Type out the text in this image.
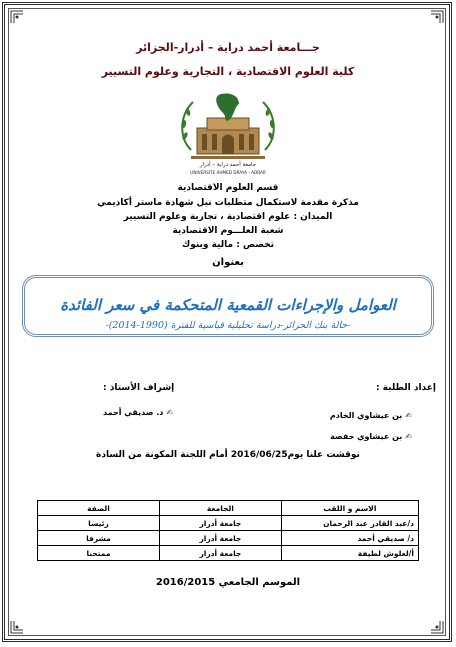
جـــامعة أحمد دراية – أدرار-الجزائر
كلية العلوم الاقتصادية ، التجارية وعلوم التسيير
جامعة أحمد دراية – أدرار
UNIVERSITE AHMED DRAYA - ADRAR
قسم العلوم الاقتصادية
مذكرة مقدمة لاستكمال متطلبات نيل شهادة ماستر أكاديمي
الميدان : علوم اقتصادية ، تجارية وعلوم التسيير
شعبة العلـــوم الاقتصادية
تخصص : مالية وبنوك
بعنوان
العوامل والإجراءات القمعية المتحكمة في سعر الفائدة
-حالة بنك الجزائر-دراسة تحليلية قياسية للفترة (1990-2014)-
إعداد الطلبة :
✍بن عيشاوي الخادم
✍بن عيشاوي حفصة
إشراف الأستاذ :
✍د. صديقي أحمد
نوقشت علنا يوم2016/06/25 أمام اللجنة المكونة من السادة
الاسم و اللقب	الجامعة	الصفة
د/عبد القادر عبد الرحمان	جامعة أدرار	رئيسا
د/ صديقي أحمد	جامعة أدرار	مشرفا
أ/لعلوش لطيفة	جامعة أدرار	ممتحنا
الموسم الجامعي 2016/2015
